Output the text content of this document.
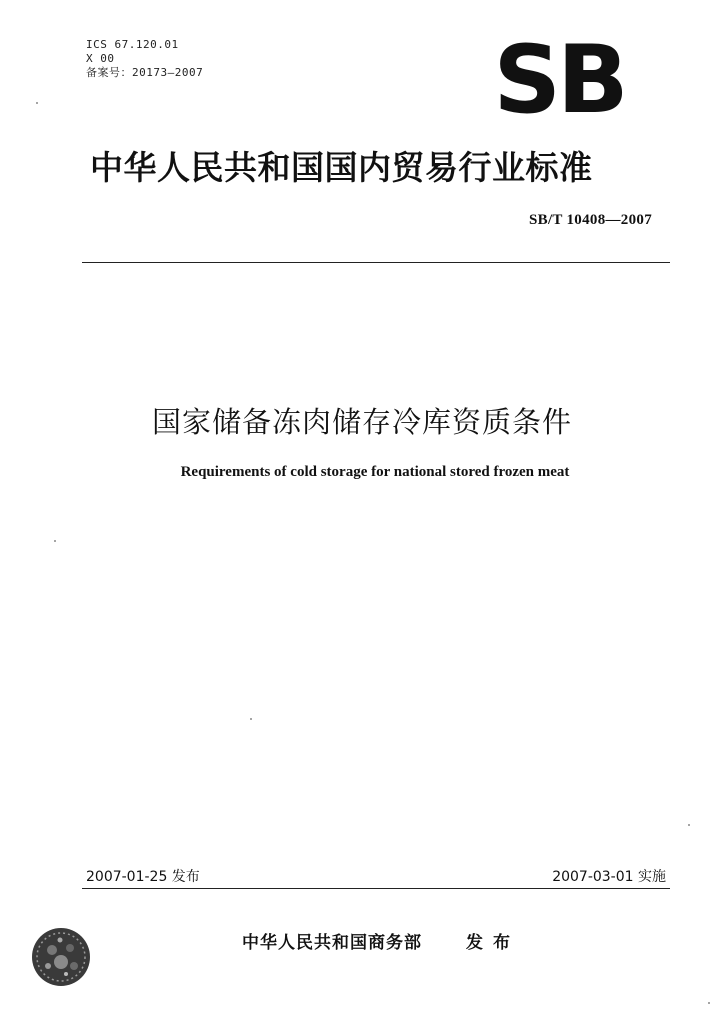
ICS 67.120.01
X 00
备案号：20173—2007	SB
中华人民共和国国内贸易行业标准
SB/T 10408—2007
国家储备冻肉储存冷库资质条件
Requirements of cold storage for national stored frozen meat
2007-01-25 发布	2007-03-01 实施
中华人民共和国商务部	发布
